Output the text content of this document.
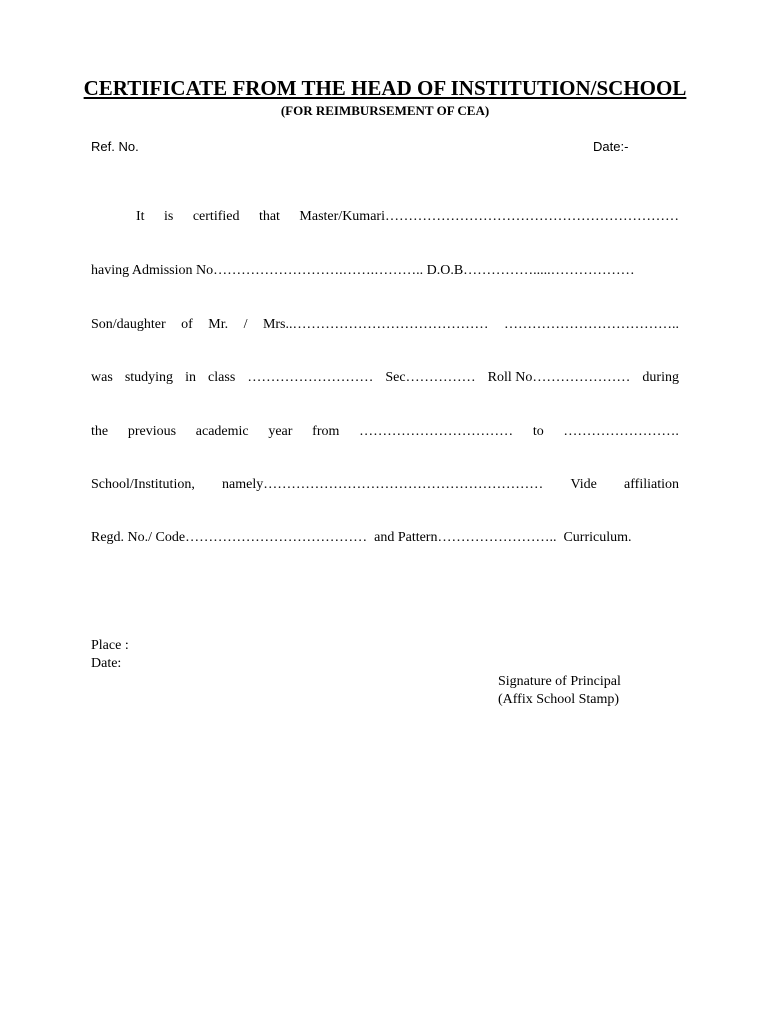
CERTIFICATE FROM THE HEAD OF INSTITUTION/SCHOOL
(FOR REIMBURSEMENT OF CEA)
Ref. No.	Date:-
It is certified that Master/Kumari………………………………………………………
having Admission No……………………….…….……….. D.O.B…………….....………………
Son/daughter of Mr. / Mrs..…………………………………… ………………………………..
was studying in class ……………………… Sec…………… Roll No………………… during
the previous academic year from …………………………… to …………………….
School/Institution, namely…………………………………………………… Vide affiliation
Regd. No./ Code…………………………………  and Pattern……………………..  Curriculum.
Place :
Date:
Signature of Principal
(Affix School Stamp)
